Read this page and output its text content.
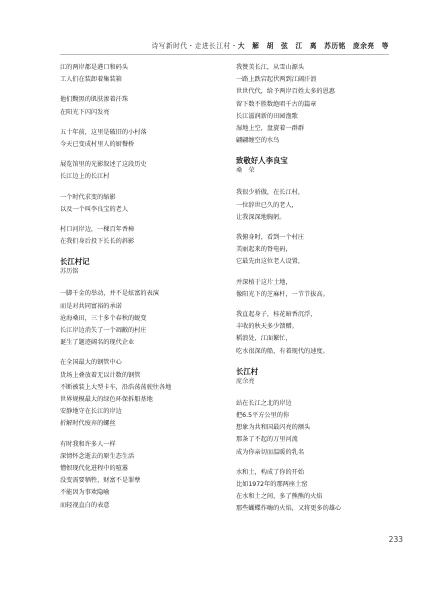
诗写新时代・走进长江村・大　解　胡　弦　江　离　苏历铭　庞余亮　等

江的两岸都是港口和码头

工人们在装卸着集装箱

他们黝黑的肌肤渗着汗珠

在阳光下闪闪发亮

五十年前，这里是破旧的小村落

今天已变成村里人的厨餐桥

展览馆里的光影叙述了这段历史

长江边上的长江村

一个时代求变的缩影

以及一个叫李良宝的老人

村口河岸边，一棵百年香樟

在我们身后投下长长的斜影

长江村记

苏历铭

一脚千金的举动，并不是炫富的表演

而是对共同富裕的承诺

沧海桑田，三十多个春秋的蜕变

长江岸边消失了一个凋敝的村庄

诞生了题迹阔名的现代企业

在全国最大的钢管中心

货场上叠放着无以计数的钢管

不断被装上大型卡车，沿浩荡荡驶往各地

世界规模最大的绿色环保拆船基地

安静地守在长江的岸边

折解时代废弃的螺丝

有时我和许多人一样

深情怀念逝去的原生态生活

憎恨现代化进程中的喧嚣

没变需要牺牲，财富不是罪孽

不能因为事欢隐喻

而轻视直白的表意

我赞美长江，从雪山源头

一路上跌宕起伏两到江阔汗浪

世世代代，给予两岸百姓太多的恩惠

留下数不胜数绝唱千古的篇章

长江滋润新的田园渔歌

湿地上空，盘旋着一群群

翩翩缠空的水鸟

致敬好人李良宝

桑　荣

我很少骄傲，在长江村，

一位辞世已久的老人，

让我深深地胸躬。

我俯身时，看到一个村庄

美丽起来的脊电码，

它最先由这位老人设置，

并深植于这片土地，

像阳光下的芝麻杆，一节节拔高。

我直起身子，桂花暗香沉浮，

丰收的秋天多少馈赠。

稻浪处，江面繁忙，

吃水很深的船，有着现代的速度。

长江村

庞余亮

站在长江之北的岸边

把6.5平方公里的你

想象为共和国最闪亮的额头

那条了不起的万里河流

成为你亲切而温暖的乳名

水和土，构成了你的开始

比如1972年的那两座土窑

在水和土之间，多了熊熊的火焰

那些蝴蝶作嗨的火焰，又将更多的雄心

233
